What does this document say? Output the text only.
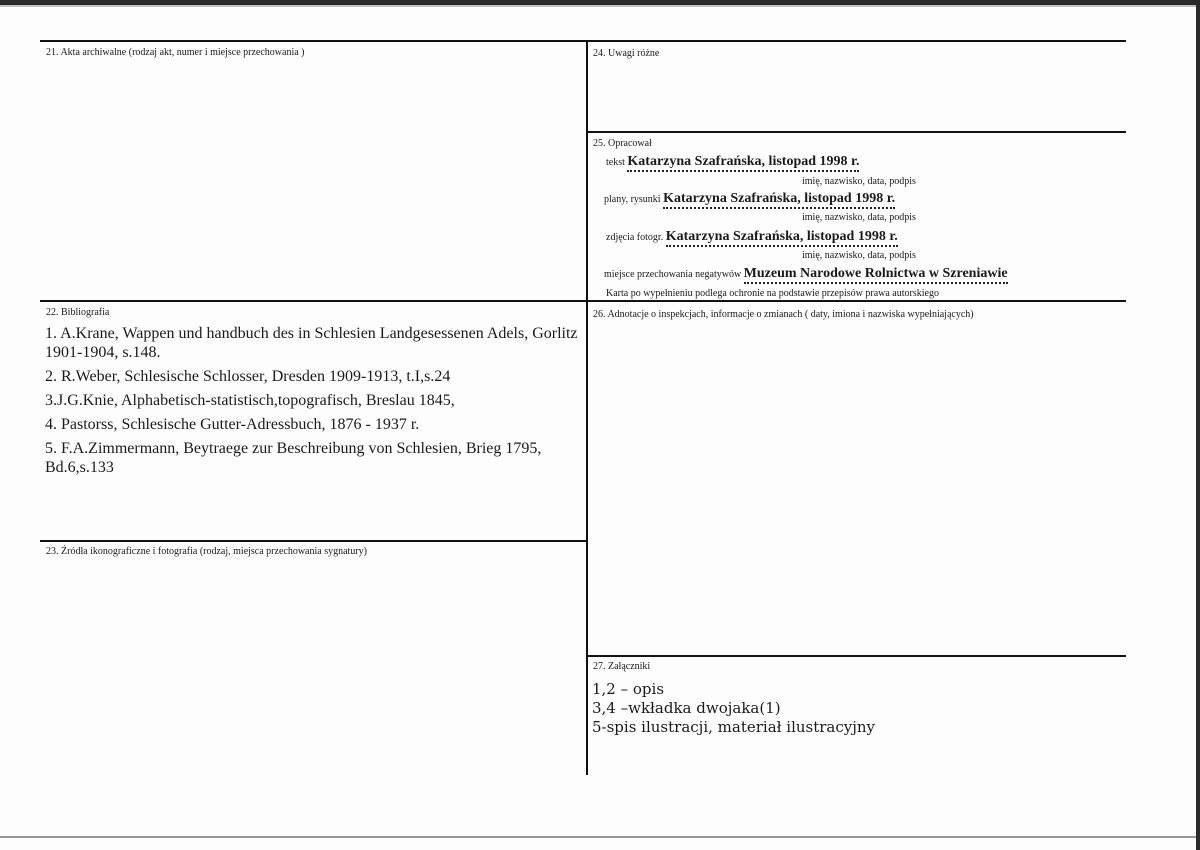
21. Akta archiwalne (rodzaj akt, numer i miejsce przechowania )	24. Uwagi różne
25. Opracował
tekst Katarzyna Szafrańska, listopad 1998 r.
imię, nazwisko, data, podpis
plany, rysunki Katarzyna Szafrańska, listopad 1998 r.
imię, nazwisko, data, podpis
zdjęcia fotogr. Katarzyna Szafrańska, listopad 1998 r.
imię, nazwisko, data, podpis
miejsce przechowania negatywów Muzeum Narodowe Rolnictwa w Szreniawie
Karta po wypełnieniu podlega ochronie na podstawie przepisów prawa autorskiego
22. Bibliografia

1. A.Krane, Wappen und handbuch des in Schlesien Landgesessenen Adels, Gorlitz 1901-1904, s.148.

2. R.Weber, Schlesische Schlosser, Dresden 1909-1913, t.I,s.24

3.J.G.Knie, Alphabetisch-statistisch,topografisch, Breslau 1845,

4. Pastorss, Schlesische Gutter-Adressbuch, 1876 - 1937 r.

5. F.A.Zimmermann, Beytraege zur Beschreibung von Schlesien, Brieg 1795, Bd.6,s.133

26. Adnotacje o inspekcjach, informacje o zmianach ( daty, imiona i nazwiska wypełniających)
23. Źródła ikonograficzne i fotografia (rodzaj, miejsca przechowania sygnatury)
27. Załączniki

1,2 – opis

3,4 –wkładka dwojaka(1)

5-spis ilustracji, materiał ilustracyjny
